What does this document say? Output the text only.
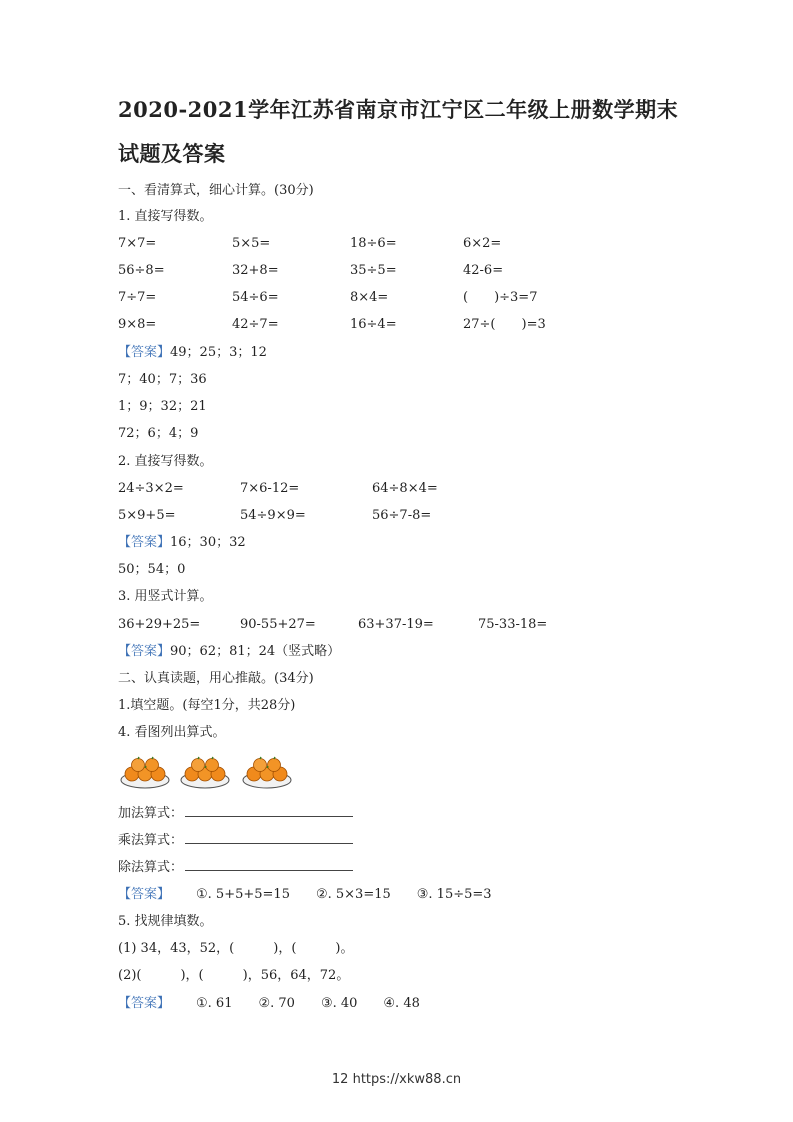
2020-2021学年江苏省南京市江宁区二年级上册数学期末试题及答案
一、看清算式，细心计算。(30分)
1. 直接写得数。
7×7=	5×5=	18÷6=	6×2=
56÷8=	32+8=	35÷5=	42-6=
7÷7=	54÷6=	8×4=	(　　)÷3=7
9×8=	42÷7=	16÷4=	27÷(　　)=3
【答案】49；25；3；12
7；40；7；36
1；9；32；21
72；6；4；9
2. 直接写得数。
24÷3×2=	7×6-12=	64÷8×4=
5×9+5=	54÷9×9=	56÷7-8=
【答案】16；30；32
50；54；0
3. 用竖式计算。
36+29+25=	90-55+27=	63+37-19=	75-33-18=
【答案】90；62；81；24（竖式略）
二、认真读题，用心推敲。(34分)
1.填空题。(每空1分，共28分)
4. 看图列出算式。
加法算式：
乘法算式：
除法算式：
【答案】 ①. 5+5+5=15　　②. 5×3=15　　③. 15÷5=3
5. 找规律填数。
(1) 34，43，52，(　　　)，(　　　)。
(2)(　　　)，(　　　)，56，64，72。
【答案】 ①. 61　　②. 70　　③. 40　　④. 48
12 https://xkw88.cn
